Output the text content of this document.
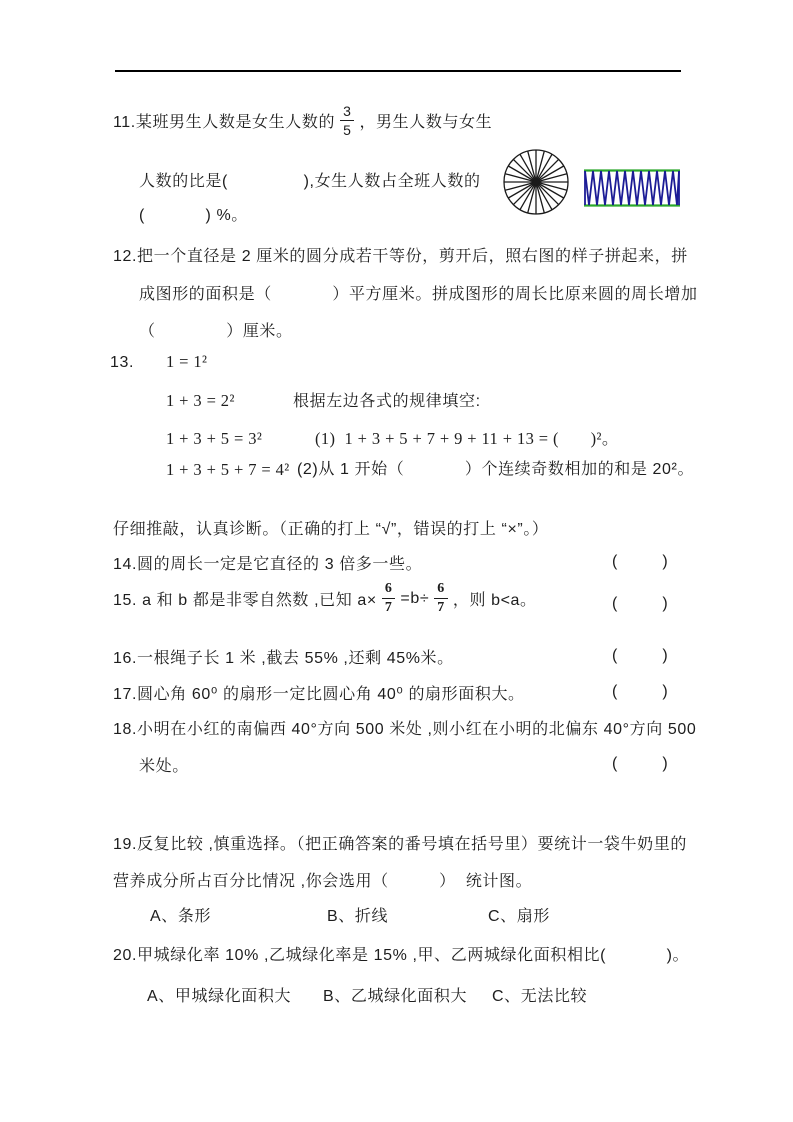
11.某班男生人数是女生人数的 $\frac{3}{5}$ ，男生人数与女生
人数的比是(               ),女生人数占全班人数的
(            ) %。
12.把一个直径是 2 厘米的圆分成若干等份，剪开后，照右图的样子拼起来，拼
成图形的面积是（            ）平方厘米。拼成图形的周长比原来圆的周长增加
（              ）厘米。
13. 1 = 1²
1 + 3 = 2²	根据左边各式的规律填空:
1 + 3 + 5 = 3²	(1)  1 + 3 + 5 + 7 + 9 + 11 + 13 = (       )²。
1 + 3 + 5 + 7 = 4² (2)从 1 开始（            ）个连续奇数相加的和是 20²。
仔细推敲，认真诊断。（正确的打上 “√”，错误的打上 “×”。）
14.圆的周长一定是它直径的 3 倍多一些。	(         )
15. a 和 b 都是非零自然数 ,已知 $a\times \frac{6}{7} =b\div \frac{6}{7}$ ，则 b<a。	(         )
16.一根绳子长 1 米 ,截去 55% ,还剩 45%米。	(         )
17.圆心角 60⁰ 的扇形一定比圆心角 40⁰ 的扇形面积大。	(         )
18.小明在小红的南偏西 40°方向 500 米处 ,则小红在小明的北偏东 40°方向 500
米处。	(         )
19.反复比较 ,慎重选择。（把正确答案的番号填在括号里）要统计一袋牛奶里的
营养成分所占百分比情况 ,你会选用（          ）  统计图。
A、条形	B、折线	C、扇形
20.甲城绿化率 10% ,乙城绿化率是 15% ,甲、乙两城绿化面积相比(            )。
A、甲城绿化面积大 B、乙城绿化面积大 C、无法比较
